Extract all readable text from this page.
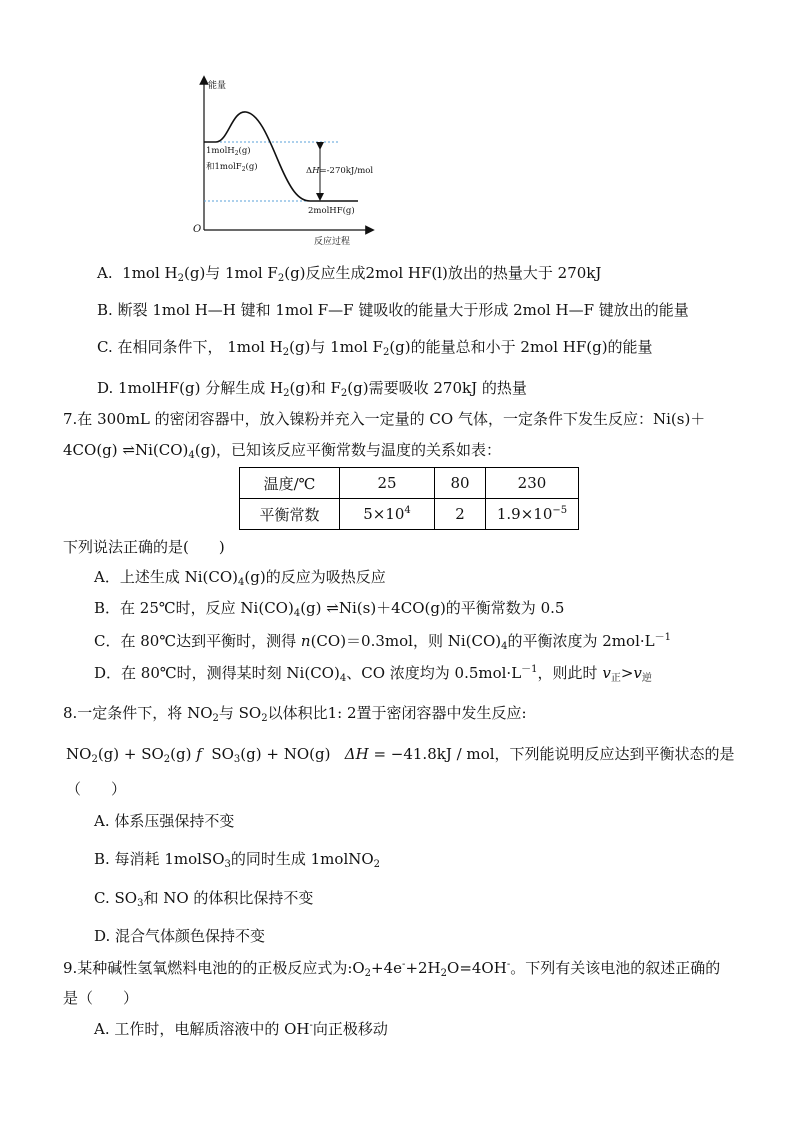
能量
反应过程
O
1molH$_2$(g)
和1molF$_2$(g)	ΔH=-270kJ/mol
2molHF(g)
A. 1mol $H_2(g)$与 1mol $F_2(g)$反应生成2mol HF(l)放出的热量大于 270kJ
B. 断裂 1mol H—H 键和 1mol F—F 键吸收的能量大于形成 2mol H—F 键放出的能量
C. 在相同条件下， 1mol $H_2(g)$与 1mol $F_2(g)$的能量总和小于 2mol HF(g)的能量
D. 1molHF(g) 分解生成 $H_2(g)$和 $F_2(g)$需要吸收 270kJ 的热量
7.在 300mL 的密闭容器中，放入镍粉并充入一定量的 CO 气体，一定条件下发生反应：Ni(s)＋
4CO(g) $\rightleftharpoons Ni(CO)_4(g)$，已知该反应平衡常数与温度的关系如表：
温度/℃	25	80	230
平衡常数	$5\times 10^4$	2	$1.9\times 10^{-5}$
下列说法正确的是(　　)
A．上述生成 $Ni(CO)_4(g)$的反应为吸热反应
B．在 25℃时，反应 $Ni(CO)_4(g)$ ⇌Ni(s)＋4CO(g)的平衡常数为 0.5
C．在 80℃达到平衡时，测得 n(CO)＝0.3mol，则 $Ni(CO)_4$的平衡浓度为 $2mol\cdot L^{-1}$
D．在 80℃时，测得某时刻 $Ni(CO)_4$、CO 浓度均为 $0.5mol\cdot L^{-1}$，则此时 $v_正>v_逆$
8.一定条件下，将 $NO_2$与 $SO_2$以体积比1: 2置于密闭容器中发生反应:
$NO_2(g) + SO_2(g)$ f  $SO_3(g) + NO(g) \Delta H = -41.8kJ$ / mol，下列能说明反应达到平衡状态的是
（　　）
A. 体系压强保持不变
B. 每消耗 1molSO$_3$的同时生成 1molNO$_2$
C. $SO_3$和 NO 的体积比保持不变
D. 混合气体颜色保持不变
9.某种碱性氢氧燃料电池的的正极反应式为$:O_2+4e^-+2H_2O=4OH^-$。下列有关该电池的叙述正确的
是（　　）
A. 工作时，电解质溶液中的 OH-向正极移动
